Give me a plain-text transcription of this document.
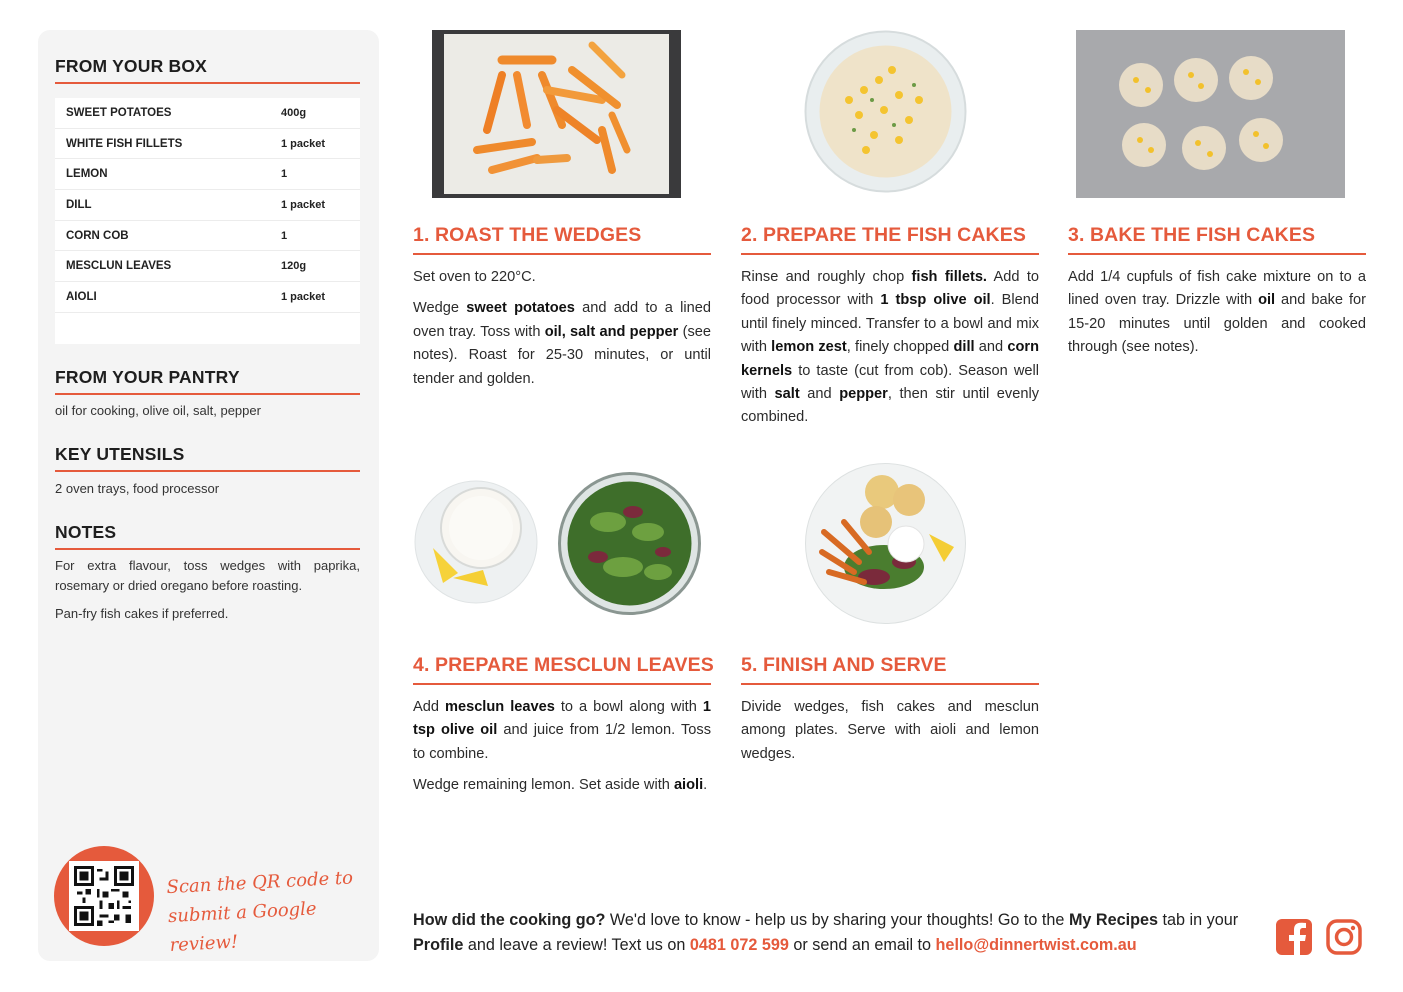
FROM YOUR BOX
SWEET POTATOES	400g
WHITE FISH FILLETS	1 packet
LEMON	1
DILL	1 packet
CORN COB	1
MESCLUN LEAVES	120g
AIOLI	1 packet
FROM YOUR PANTRY
oil for cooking, olive oil, salt, pepper
KEY UTENSILS
2 oven trays, food processor
NOTES
For extra flavour, toss wedges with paprika, rosemary or dried oregano before roasting.
Pan-fry fish cakes if preferred.
Scan the QR code to
submit a Google review!
1. ROAST THE WEDGES

Set oven to 220°C.

Wedge sweet potatoes and add to a lined oven tray. Toss with oil, salt and pepper (see notes). Roast for 25-30 minutes, or until tender and golden.

2. PREPARE THE FISH CAKES

Rinse and roughly chop fish fillets. Add to food processor with 1 tbsp olive oil. Blend until finely minced. Transfer to a bowl and mix with lemon zest, finely chopped dill and corn kernels to taste (cut from cob). Season well with salt and pepper, then stir until evenly combined.

3. BAKE THE FISH CAKES

Add 1/4 cupfuls of fish cake mixture on to a lined oven tray. Drizzle with oil and bake for 15-20 minutes until golden and cooked through (see notes).

4. PREPARE MESCLUN LEAVES

Add mesclun leaves to a bowl along with 1 tsp olive oil and juice from 1/2 lemon. Toss to combine.

Wedge remaining lemon. Set aside with aioli.

5. FINISH AND SERVE

Divide wedges, fish cakes and mesclun among plates. Serve with aioli and lemon wedges.

How did the cooking go? We'd love to know - help us by sharing your thoughts! Go to the My Recipes tab in your Profile and leave a review! Text us on 0481 072 599 or send an email to hello@dinnertwist.com.au
